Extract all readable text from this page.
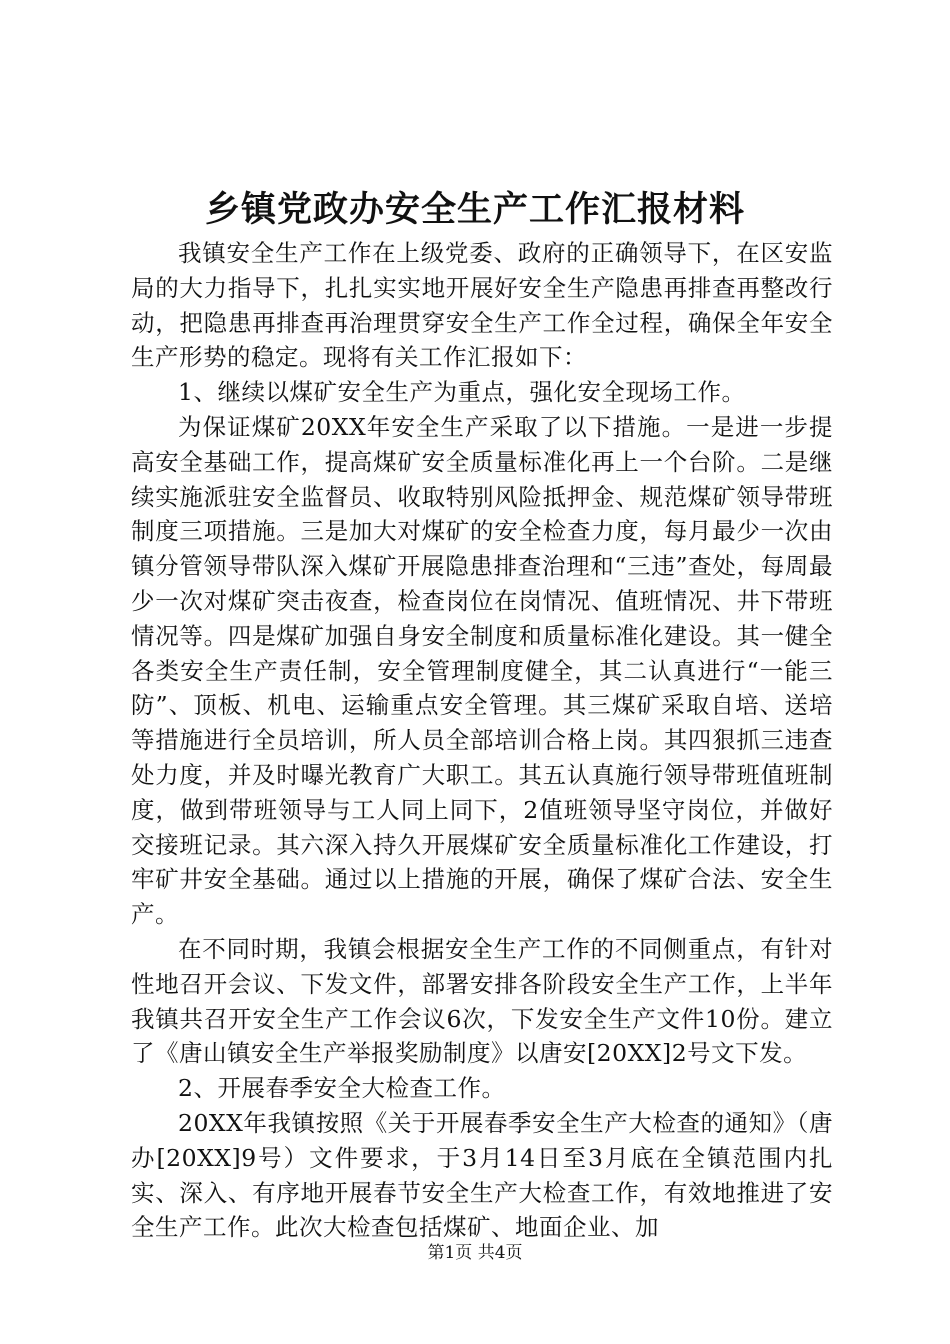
乡镇党政办安全生产工作汇报材料

我镇安全生产工作在上级党委、政府的正确领导下，在区安监局的大力指导下，扎扎实实地开展好安全生产隐患再排查再整改行动，把隐患再排查再治理贯穿安全生产工作全过程，确保全年安全生产形势的稳定。现将有关工作汇报如下：

1、继续以煤矿安全生产为重点，强化安全现场工作。

为保证煤矿20XX年安全生产采取了以下措施。一是进一步提高安全基础工作，提高煤矿安全质量标准化再上一个台阶。二是继续实施派驻安全监督员、收取特别风险抵押金、规范煤矿领导带班制度三项措施。三是加大对煤矿的安全检查力度，每月最少一次由镇分管领导带队深入煤矿开展隐患排查治理和“三违”查处，每周最少一次对煤矿突击夜查，检查岗位在岗情况、值班情况、井下带班情况等。四是煤矿加强自身安全制度和质量标准化建设。其一健全各类安全生产责任制，安全管理制度健全，其二认真进行“一能三防”、顶板、机电、运输重点安全管理。其三煤矿采取自培、送培等措施进行全员培训，所人员全部培训合格上岗。其四狠抓三违查处力度，并及时曝光教育广大职工。其五认真施行领导带班值班制度，做到带班领导与工人同上同下，2值班领导坚守岗位，并做好交接班记录。其六深入持久开展煤矿安全质量标准化工作建设，打牢矿井安全基础。通过以上措施的开展，确保了煤矿合法、安全生产。

在不同时期，我镇会根据安全生产工作的不同侧重点，有针对性地召开会议、下发文件，部署安排各阶段安全生产工作，上半年我镇共召开安全生产工作会议6次，下发安全生产文件10份。建立了《唐山镇安全生产举报奖励制度》以唐安[20XX]2号文下发。

2、开展春季安全大检查工作。

20XX年我镇按照《关于开展春季安全生产大检查的通知》（唐办[20XX]9号）文件要求，于3月14日至3月底在全镇范围内扎实、深入、有序地开展春节安全生产大检查工作，有效地推进了安全生产工作。此次大检查包括煤矿、地面企业、加

第1页 共4页
